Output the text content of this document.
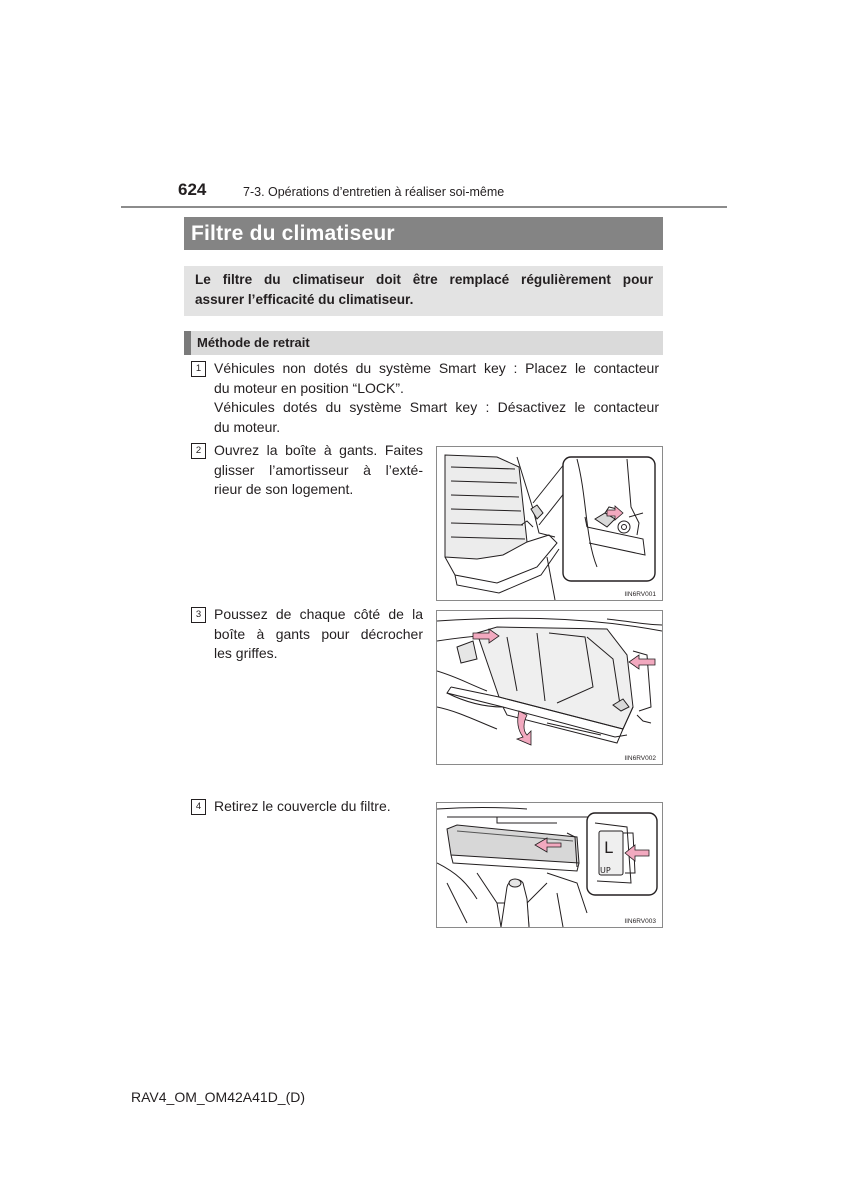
624	7-3. Opérations d’entretien à réaliser soi-même
Filtre du climatiseur
Le filtre du climatiseur doit être remplacé régulièrement pour
assurer l’efficacité du climatiseur.
Méthode de retrait
1 Véhicules non dotés du système Smart key : Placez le contacteur
du moteur en position “LOCK”.
Véhicules dotés du système Smart key : Désactivez le contacteur
du moteur.
2 Ouvrez la boîte à gants. Faites
glisser l’amortisseur à l’exté-
rieur de son logement.
IIN6RV001
3 Poussez de chaque côté de la
boîte à gants pour décrocher
les griffes.
IIN6RV002
4 Retirez le couvercle du filtre.
L
UP
IIN6RV003
RAV4_OM_OM42A41D_(D)
